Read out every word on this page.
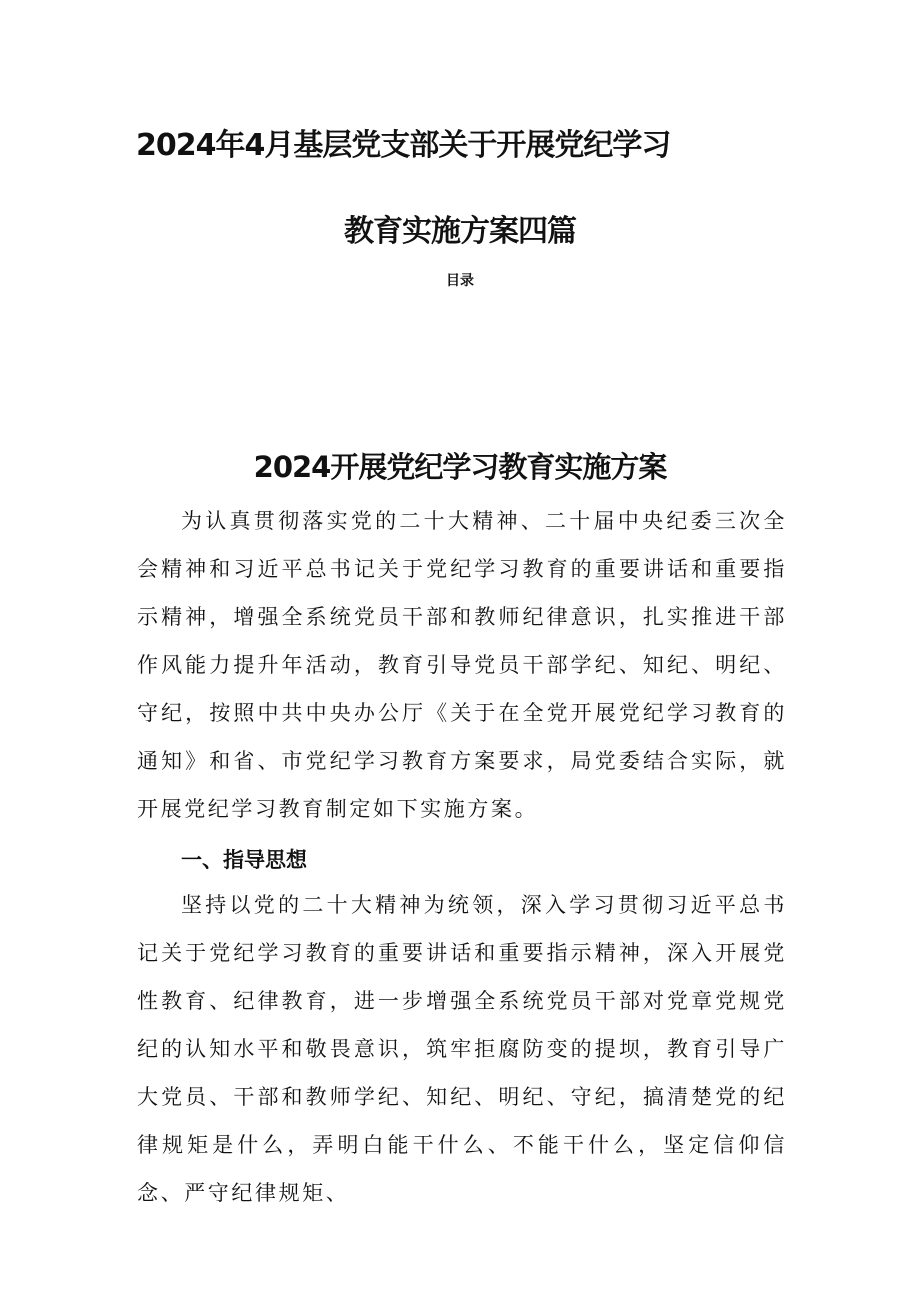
2024年4月基层党支部关于开展党纪学习
教育实施方案四篇
目录
2024开展党纪学习教育实施方案

为认真贯彻落实党的二十大精神、二十届中央纪委三次全会精神和习近平总书记关于党纪学习教育的重要讲话和重要指示精神，增强全系统党员干部和教师纪律意识，扎实推进干部作风能力提升年活动，教育引导党员干部学纪、知纪、明纪、守纪，按照中共中央办公厅《关于在全党开展党纪学习教育的通知》和省、市党纪学习教育方案要求，局党委结合实际，就开展党纪学习教育制定如下实施方案。

一、指导思想

坚持以党的二十大精神为统领，深入学习贯彻习近平总书记关于党纪学习教育的重要讲话和重要指示精神，深入开展党性教育、纪律教育，进一步增强全系统党员干部对党章党规党纪的认知水平和敬畏意识，筑牢拒腐防变的提坝，教育引导广大党员、干部和教师学纪、知纪、明纪、守纪，搞清楚党的纪律规矩是什么，弄明白能干什么、不能干什么，坚定信仰信念、严守纪律规矩、
